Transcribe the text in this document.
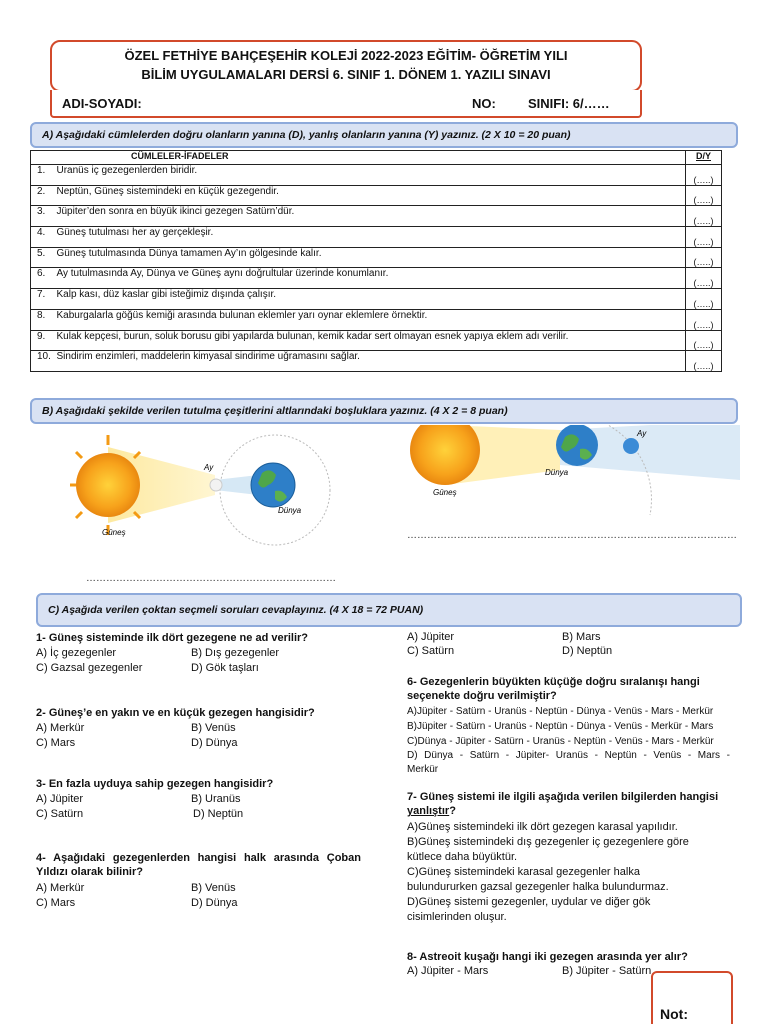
ÖZEL FETHİYE BAHÇEŞEHİR KOLEJİ 2022-2023 EĞİTİM- ÖĞRETİM YILI
BİLİM UYGULAMALARI DERSİ 6. SINIF 1. DÖNEM 1. YAZILI SINAVI
ADI-SOYADI:	NO: SINIFI: 6/……
A) Aşağıdaki cümlelerden doğru olanların yanına (D), yanlış olanların yanına (Y) yazınız. (2 X 10 = 20 puan)
CÜMLELER-İFADELER		D/Y
1.	Uranüs iç gezegenlerden biridir.	(…..)
2.	Neptün, Güneş sistemindeki en küçük gezegendir.	(…..)
3.	Jüpiter’den sonra en büyük ikinci gezegen Satürn’dür.	(…..)
4.	Güneş tutulması her ay gerçekleşir.	(…..)
5.	Güneş tutulmasında Dünya tamamen Ay’ın gölgesinde kalır.	(…..)
6.	Ay tutulmasında Ay, Dünya ve Güneş aynı doğrultular üzerinde konumlanır.	(…..)
7.	Kalp kası, düz kaslar gibi isteğimiz dışında çalışır.	(…..)
8.	Kaburgalarla göğüs kemiği arasında bulunan eklemler yarı oynar eklemlere örnektir.	(…..)
9.	Kulak kepçesi, burun, soluk borusu gibi yapılarda bulunan, kemik kadar sert olmayan esnek yapıya eklem adı verilir.	(…..)
10.	Sindirim enzimleri, maddelerin kimyasal sindirime uğramasını sağlar.	(…..)
B) Aşağıdaki şekilde verilen tutulma çeşitlerini altlarındaki boşluklara yazınız. (4 X 2 = 8 puan)
Ay
Dünya
Güneş
Ay
Dünya
Güneş
………………………………………………………………………………………
…………………………………………………………………
C) Aşağıda verilen çoktan seçmeli soruları cevaplayınız. (4 X 18 = 72 PUAN)
1- Güneş sisteminde ilk dört gezegene ne ad verilir?
A) İç gezegenler	B) Dış gezegenler
C) Gazsal gezegenler	D) Gök taşları
2- Güneş’e en yakın ve en küçük gezegen hangisidir?
A) Merkür	B) Venüs
C) Mars	D) Dünya
3- En fazla uyduya sahip gezegen hangisidir?
A) Jüpiter	B) Uranüs
C) Satürn	D) Neptün
4- Aşağıdaki gezegenlerden hangisi halk arasında Çoban
Yıldızı olarak bilinir?
A) Merkür	B) Venüs
C) Mars	D) Dünya
A) Jüpiter	B) Mars
C) Satürn	D) Neptün
6- Gezegenlerin büyükten küçüğe doğru sıralanışı hangi
seçenekte doğru verilmiştir?
A)Jüpiter - Satürn - Uranüs - Neptün - Dünya - Venüs - Mars - Merkür
B)Jüpiter - Satürn - Uranüs - Neptün - Dünya - Venüs - Merkür - Mars
C)Dünya - Jüpiter - Satürn - Uranüs - Neptün - Venüs - Mars - Merkür
D) Dünya - Satürn - Jüpiter- Uranüs - Neptün - Venüs - Mars -
Merkür
7- Güneş sistemi ile ilgili aşağıda verilen bilgilerden hangisi
yanlıştır?
A)Güneş sistemindeki ilk dört gezegen karasal yapılıdır.
B)Güneş sistemindeki dış gezegenler iç gezegenlere göre
kütlece daha büyüktür.
C)Güneş sistemindeki karasal gezegenler halka
bulundururken gazsal gezegenler halka bulundurmaz.
D)Güneş sistemi gezegenler, uydular ve diğer gök
cisimlerinden oluşur.
8- Astreoit kuşağı hangi iki gezegen arasında yer alır?
A) Jüpiter - Mars	B) Jüpiter - Satürn
Not:
